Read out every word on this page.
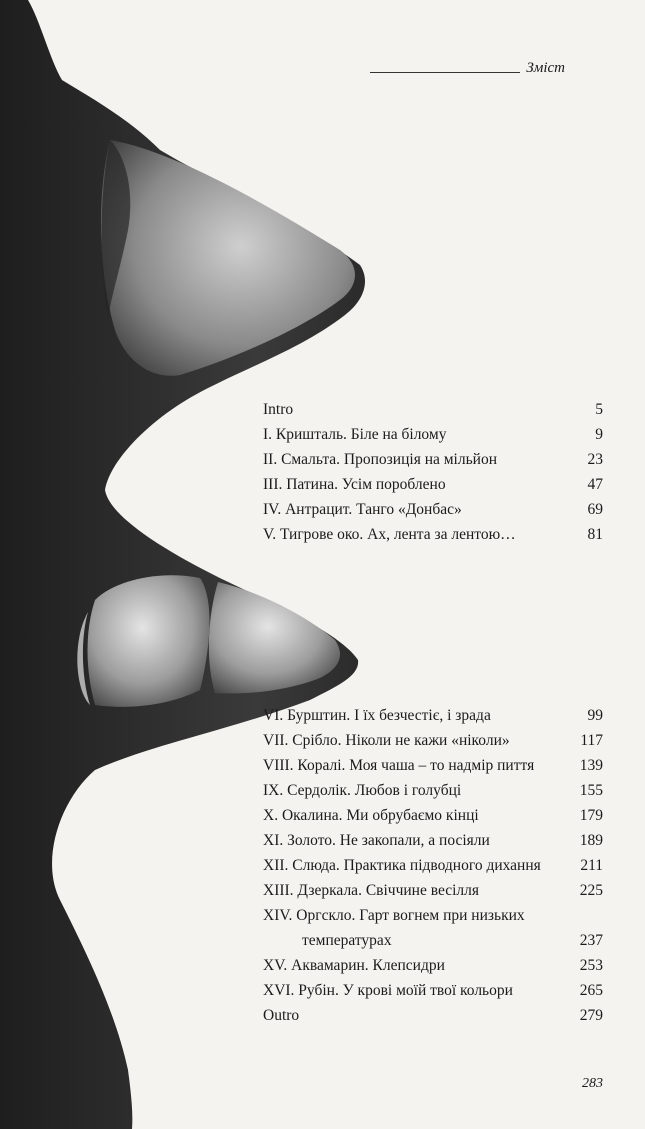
Зміст
Intro	5
І. Кришталь. Біле на білому	9
ІІ. Смальта. Пропозиція на мільйон	23
ІІІ. Патина. Усім пороблено	47
IV. Антрацит. Танго «Донбас»	69
V. Тигрове око. Ах, лента за лентою…	81
VI. Бурштин. І їх безчестіє, і зрада	99
VII. Срібло. Ніколи не кажи «ніколи»	117
VIII. Коралі. Моя чаша – то надмір пиття	139
IX. Сердолік. Любов і голубці	155
X. Окалина. Ми обрубаємо кінці	179
XI. Золото. Не закопали, а посіяли	189
XII. Слюда. Практика підводного дихання	211
XIII. Дзеркала. Свіччине весілля	225
XIV. Оргскло. Гарт вогнем при низьких
температурах	237
XV. Аквамарин. Клепсидри	253
XVI. Рубін. У крові моїй твої кольори	265
Outro	279
283
